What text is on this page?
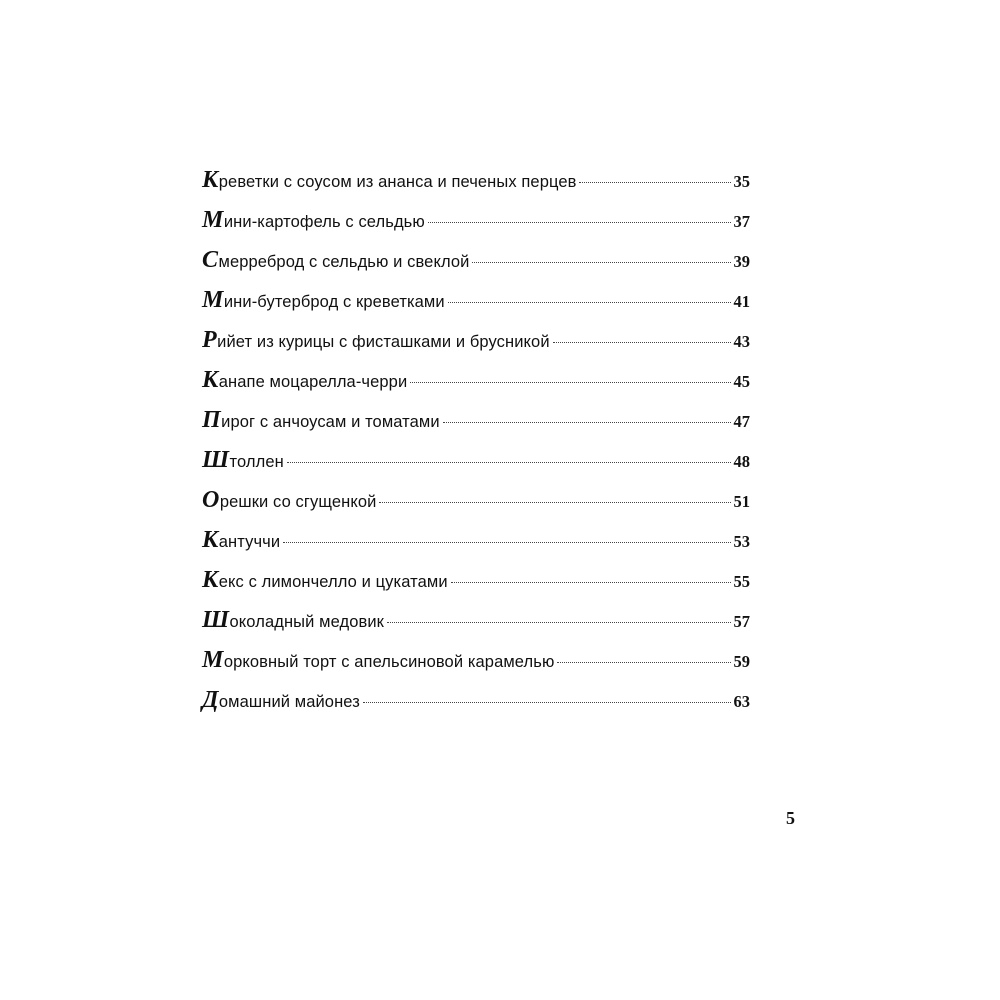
Креветки с соусом из ананса и печеных перцев	35
Мини-картофель с сельдью	37
Смерреброд с сельдью и свеклой	39
Мини-бутерброд с креветками	41
Рийет из курицы с фисташками и брусникой	43
Канапе моцарелла-черри	45
Пирог с анчоусам и томатами	47
Штоллен	48
Орешки со сгущенкой	51
Кантуччи	53
Кекс с лимончелло и цукатами	55
Шоколадный медовик	57
Морковный торт с апельсиновой карамелью	59
Домашний майонез	63
5
